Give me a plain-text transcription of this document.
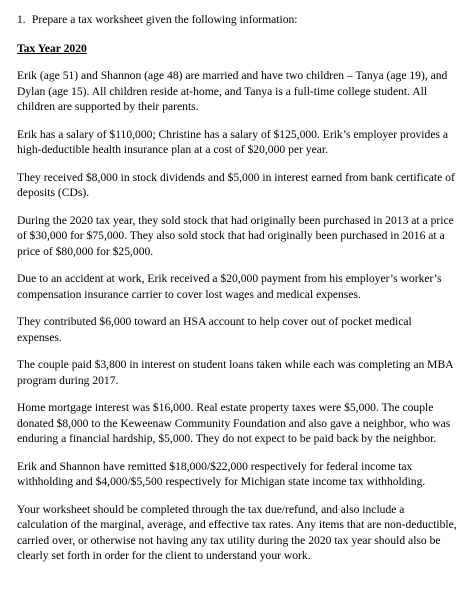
1. Prepare a tax worksheet given the following information:

Tax Year 2020

Erik (age 51) and Shannon (age 48) are married and have two children – Tanya (age 19), and Dylan (age 15). All children reside at-home, and Tanya is a full-time college student. All children are supported by their parents.

Erik has a salary of $110,000; Christine has a salary of $125,000. Erik’s employer provides a high-deductible health insurance plan at a cost of $20,000 per year.

They received $8,000 in stock dividends and $5,000 in interest earned from bank certificate of deposits (CDs).

During the 2020 tax year, they sold stock that had originally been purchased in 2013 at a price of $30,000 for $75,000. They also sold stock that had originally been purchased in 2016 at a price of $80,000 for $25,000.

Due to an accident at work, Erik received a $20,000 payment from his employer’s worker’s compensation insurance carrier to cover lost wages and medical expenses.

They contributed $6,000 toward an HSA account to help cover out of pocket medical expenses.

The couple paid $3,800 in interest on student loans taken while each was completing an MBA program during 2017.

Home mortgage interest was $16,000. Real estate property taxes were $5,000. The couple donated $8,000 to the Keweenaw Community Foundation and also gave a neighbor, who was enduring a financial hardship, $5,000. They do not expect to be paid back by the neighbor.

Erik and Shannon have remitted $18,000/$22,000 respectively for federal income tax withholding and $4,000/$5,500 respectively for Michigan state income tax withholding.

Your worksheet should be completed through the tax due/refund, and also include a calculation of the marginal, average, and effective tax rates. Any items that are non-deductible, carried over, or otherwise not having any tax utility during the 2020 tax year should also be clearly set forth in order for the client to understand your work.
